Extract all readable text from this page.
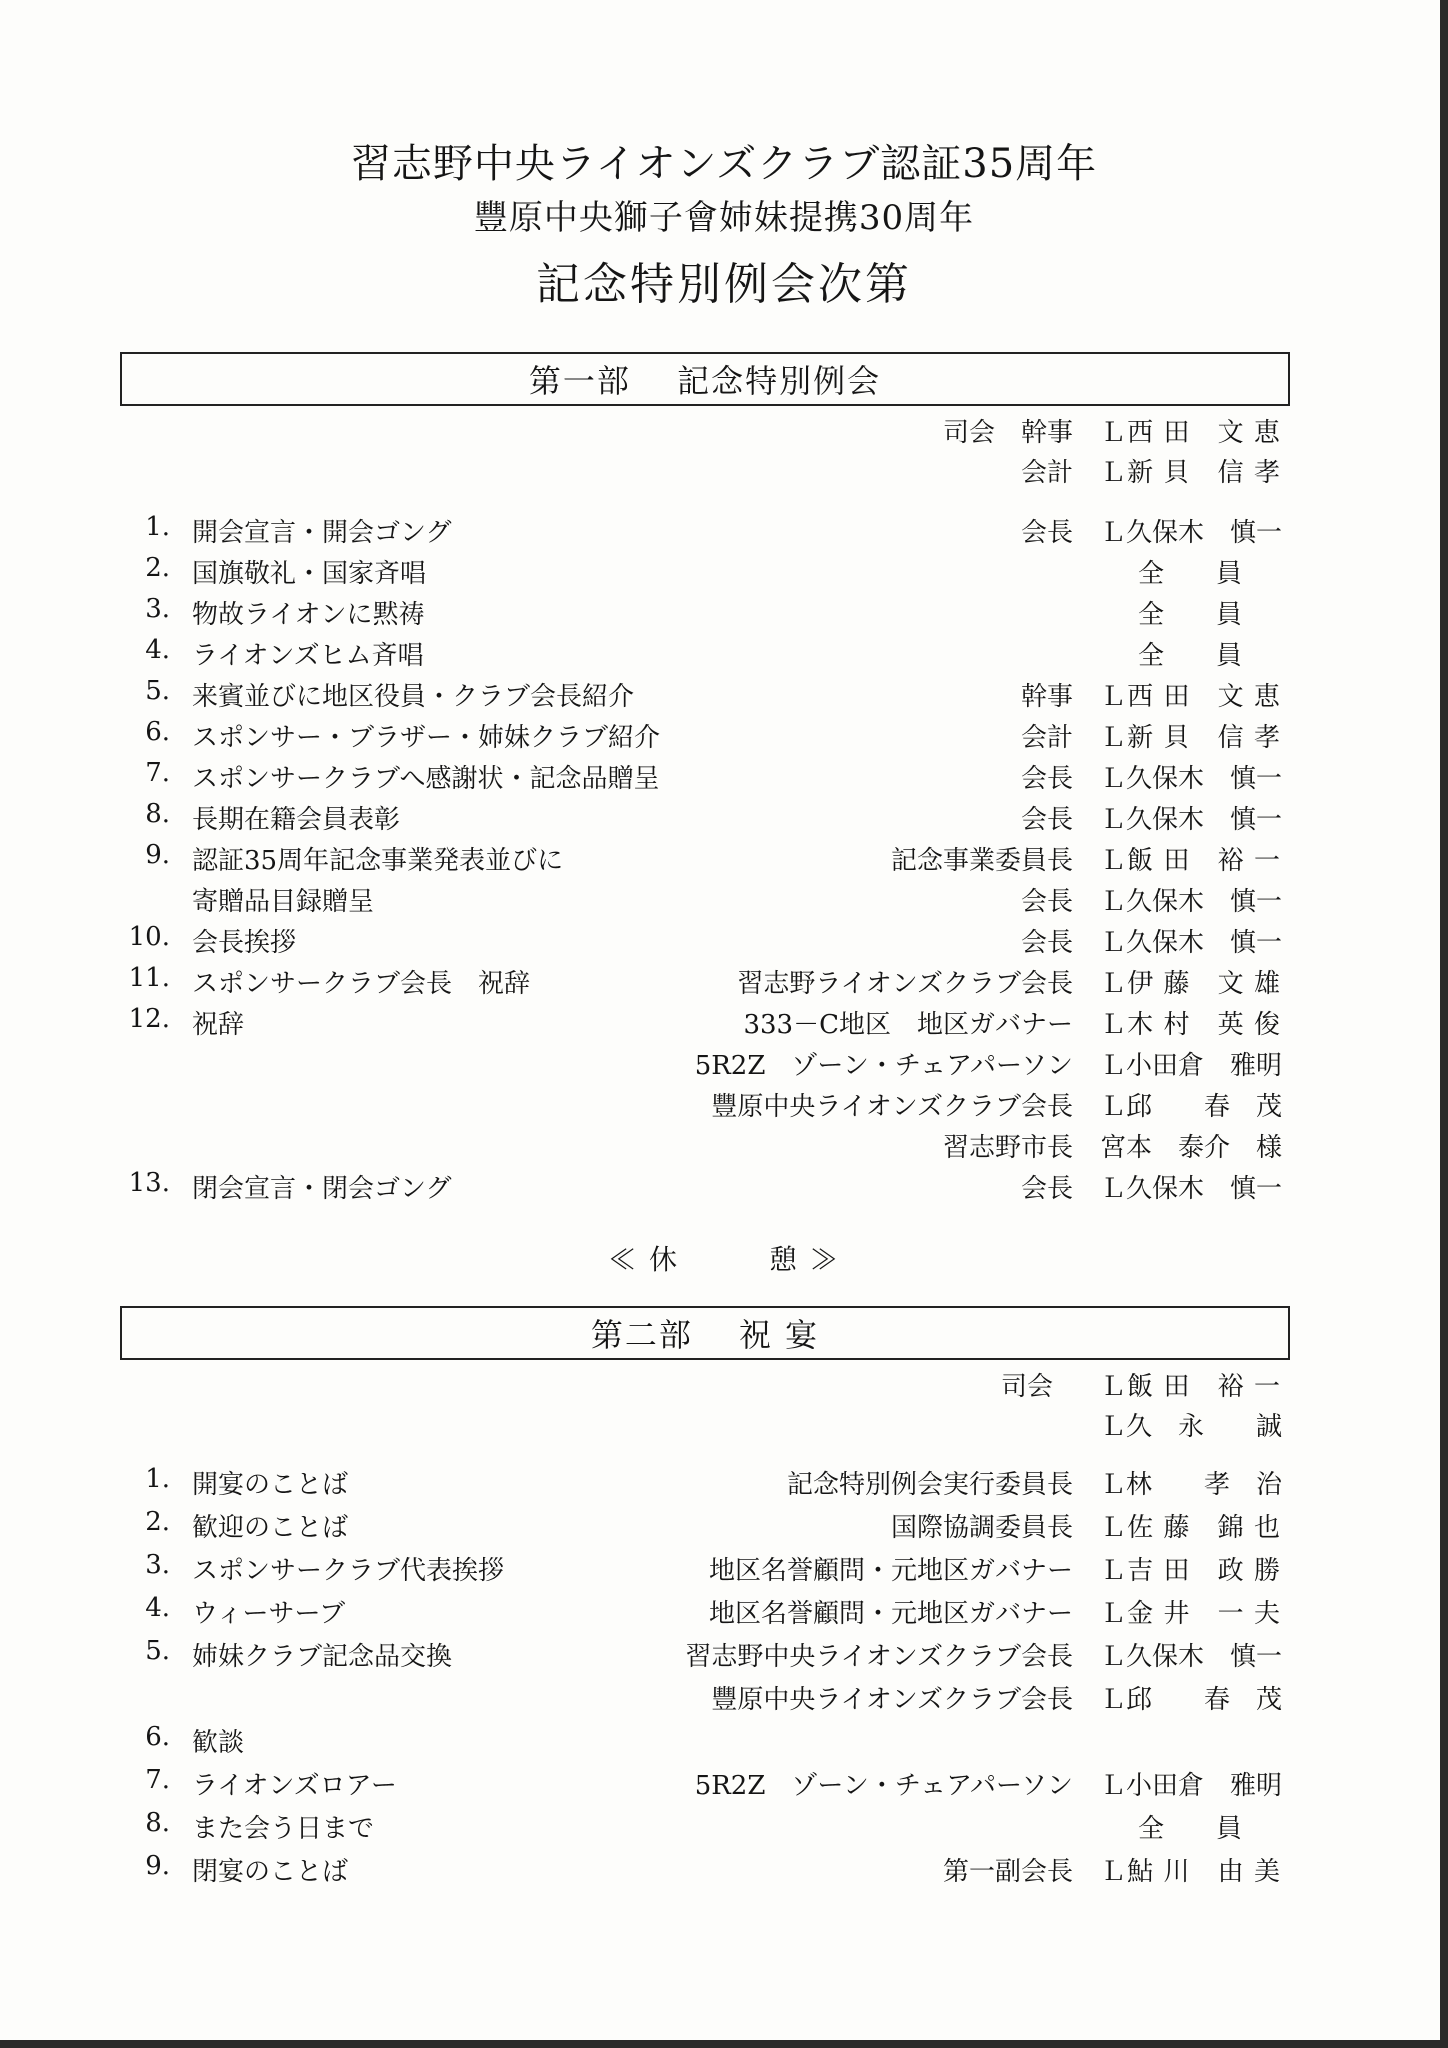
習志野中央ライオンズクラブ認証35周年
豐原中央獅子會姉妹提携30周年
記念特別例会次第
第一部　 記念特別例会
司会　幹事 Ｌ西 田　文 恵
会計 Ｌ新 貝　信 孝
1. 開会宣言・開会ゴング	会長 Ｌ久保木　慎一
2. 国旗敬礼・国家斉唱	全　　員
3. 物故ライオンに黙祷	全　　員
4. ライオンズヒム斉唱	全　　員
5. 来賓並びに地区役員・クラブ会長紹介	幹事 Ｌ西 田　文 恵
6. スポンサー・ブラザー・姉妹クラブ紹介	会計 Ｌ新 貝　信 孝
7. スポンサークラブへ感謝状・記念品贈呈	会長 Ｌ久保木　慎一
8. 長期在籍会員表彰	会長 Ｌ久保木　慎一
9. 認証35周年記念事業発表並びに	記念事業委員長 Ｌ飯 田　裕 一
寄贈品目録贈呈	会長 Ｌ久保木　慎一
10. 会長挨拶	会長 Ｌ久保木　慎一
11. スポンサークラブ会長　祝辞	習志野ライオンズクラブ会長 Ｌ伊 藤　文 雄
12. 祝辞	333－C地区　地区ガバナー Ｌ木 村　英 俊
5R2Z　ゾーン・チェアパーソン Ｌ小田倉　雅明
豐原中央ライオンズクラブ会長 Ｌ邱　　春　茂
習志野市長 宮本　泰介　様
13. 閉会宣言・閉会ゴング	会長 Ｌ久保木　慎一
≪ 休　　　憩 ≫
第二部　 祝 宴
司会 Ｌ飯 田　裕 一
Ｌ久　永　　誠
1. 開宴のことば	記念特別例会実行委員長 Ｌ林　　孝　治
2. 歓迎のことば	国際協調委員長 Ｌ佐 藤　錦 也
3. スポンサークラブ代表挨拶	地区名誉顧問・元地区ガバナー Ｌ吉 田　政 勝
4. ウィーサーブ	地区名誉顧問・元地区ガバナー Ｌ金 井　一 夫
5. 姉妹クラブ記念品交換	習志野中央ライオンズクラブ会長 Ｌ久保木　慎一
豐原中央ライオンズクラブ会長 Ｌ邱　　春　茂
6. 歓談
7. ライオンズロアー	5R2Z　ゾーン・チェアパーソン Ｌ小田倉　雅明
8. また会う日まで	全　　員
9. 閉宴のことば	第一副会長 Ｌ鮎 川　由 美
